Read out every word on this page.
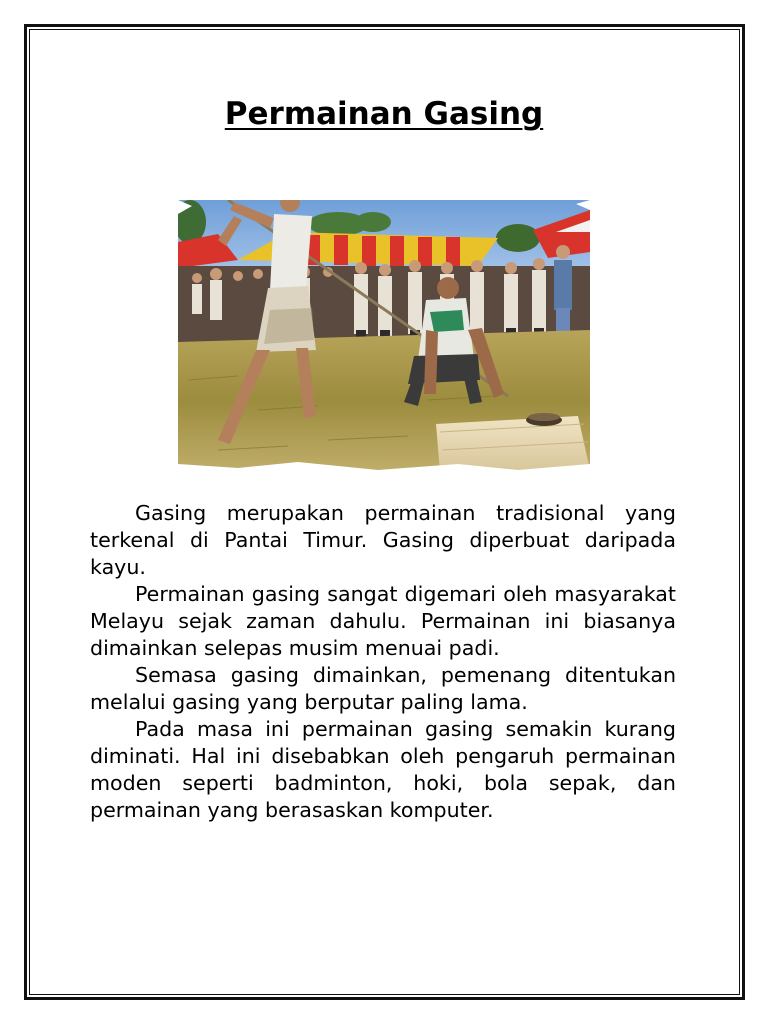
Permainan Gasing

Gasing merupakan permainan tradisional yang terkenal di Pantai Timur. Gasing diperbuat daripada kayu.

Permainan gasing sangat digemari oleh masyarakat Melayu sejak zaman dahulu. Permainan ini biasanya dimainkan selepas musim menuai padi.

Semasa gasing dimainkan, pemenang ditentukan melalui gasing yang berputar paling lama.

Pada masa ini permainan gasing semakin kurang diminati. Hal ini disebabkan oleh pengaruh permainan moden seperti badminton, hoki, bola sepak, dan permainan yang berasaskan komputer.
